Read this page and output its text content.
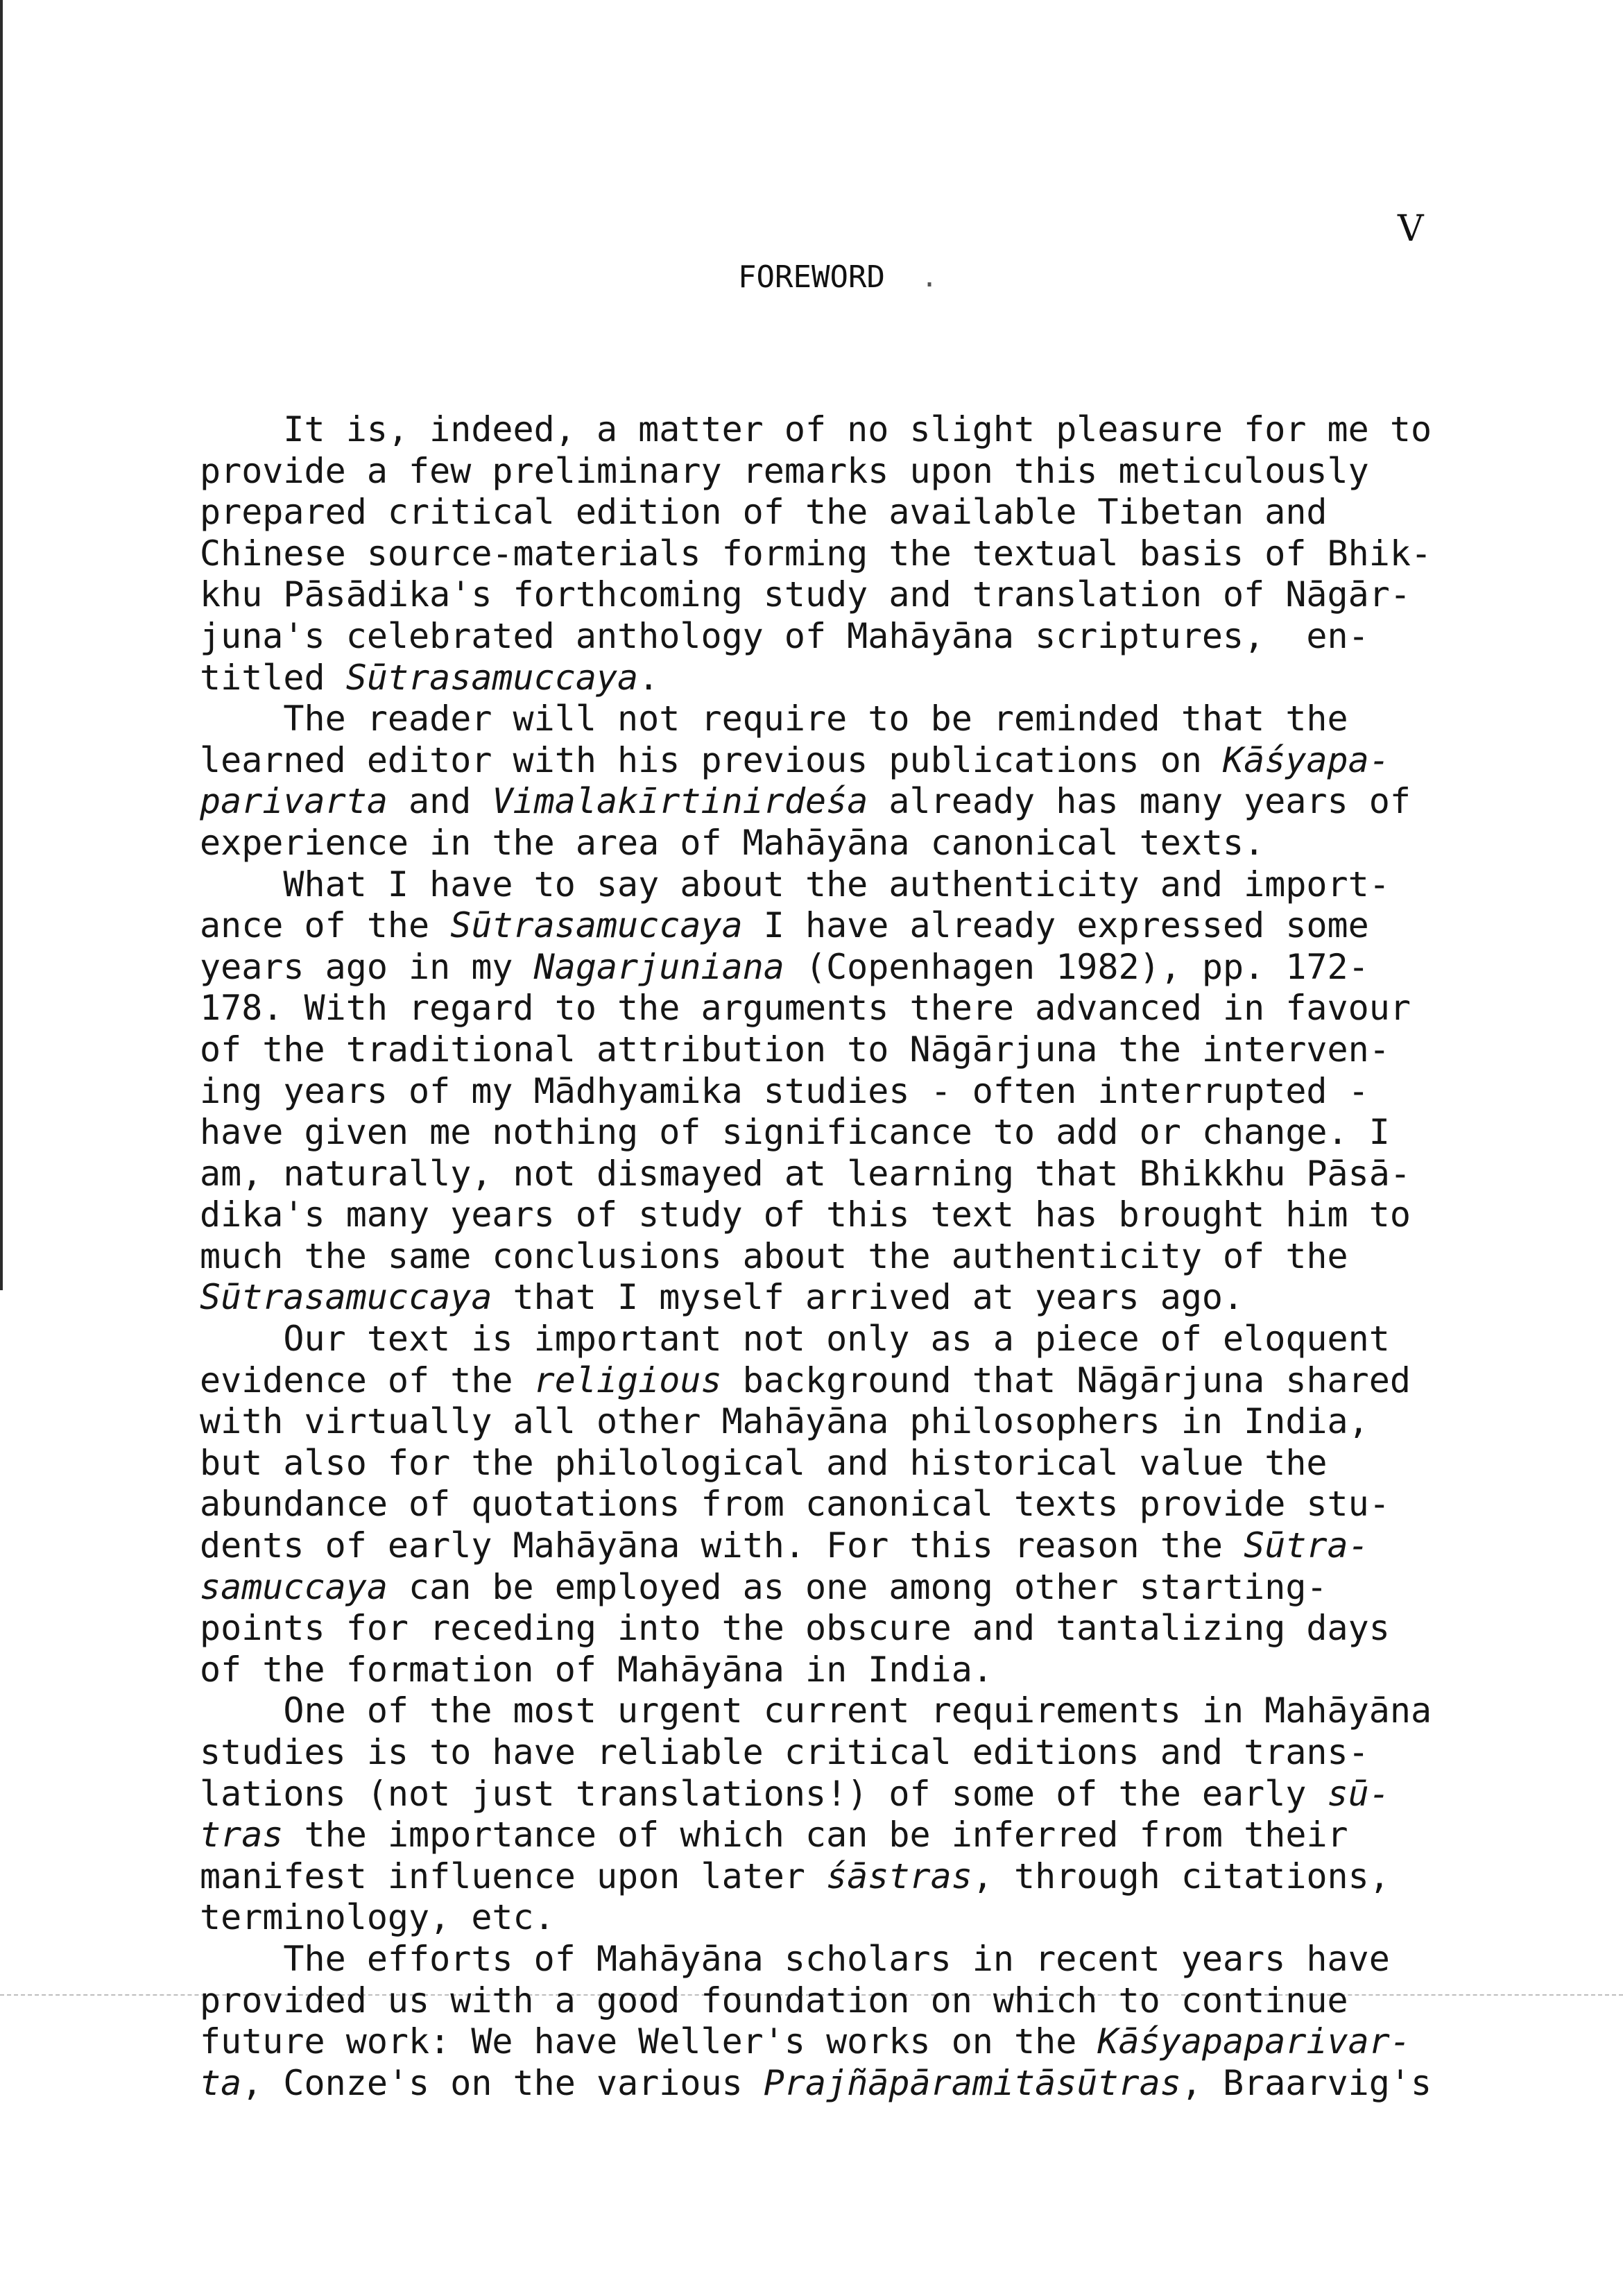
V
FOREWORD	.
It is, indeed, a matter of no slight pleasure for me to
provide a few preliminary remarks upon this meticulously
prepared critical edition of the available Tibetan and
Chinese source-materials forming the textual basis of Bhik-
khu Pāsādika's forthcoming study and translation of Nāgār-
juna's celebrated anthology of Mahāyāna scriptures,  en-
titled Sūtrasamuccaya.
The reader will not require to be reminded that the
learned editor with his previous publications on Kāśyapa-
parivarta and Vimalakīrtinirdeśa already has many years of
experience in the area of Mahāyāna canonical texts.
What I have to say about the authenticity and import-
ance of the Sūtrasamuccaya I have already expressed some
years ago in my Nagarjuniana (Copenhagen 1982), pp. 172-
178. With regard to the arguments there advanced in favour
of the traditional attribution to Nāgārjuna the interven-
ing years of my Mādhyamika studies - often interrupted -
have given me nothing of significance to add or change. I
am, naturally, not dismayed at learning that Bhikkhu Pāsā-
dika's many years of study of this text has brought him to
much the same conclusions about the authenticity of the
Sūtrasamuccaya that I myself arrived at years ago.
Our text is important not only as a piece of eloquent
evidence of the religious background that Nāgārjuna shared
with virtually all other Mahāyāna philosophers in India,
but also for the philological and historical value the
abundance of quotations from canonical texts provide stu-
dents of early Mahāyāna with. For this reason the Sūtra-
samuccaya can be employed as one among other starting-
points for receding into the obscure and tantalizing days
of the formation of Mahāyāna in India.
One of the most urgent current requirements in Mahāyāna
studies is to have reliable critical editions and trans-
lations (not just translations!) of some of the early sū-
tras the importance of which can be inferred from their
manifest influence upon later śāstras, through citations,
terminology, etc.
The efforts of Mahāyāna scholars in recent years have
provided us with a good foundation on which to continue
future work: We have Weller's works on the Kāśyapaparivar-
ta, Conze's on the various Prajñāpāramitāsūtras, Braarvig's
